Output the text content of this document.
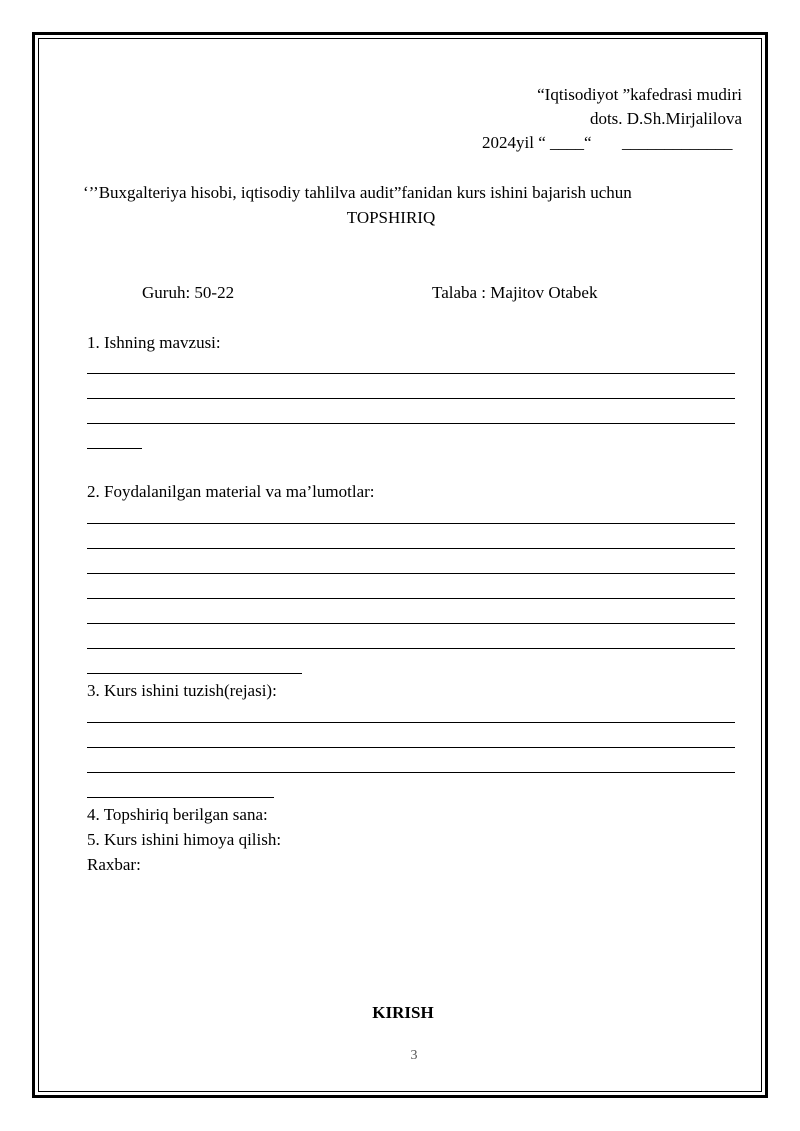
“Iqtisodiyot ”kafedrasi mudiri
dots. D.Sh.Mirjalilova
2024yil “ ____“ _____________
‘’’Buxgalteriya hisobi, iqtisodiy tahlilva audit”fanidan kurs ishini bajarish uchun
TOPSHIRIQ
Guruh: 50-22	Talaba : Majitov Otabek
1. Ishning mavzusi:
2. Foydalanilgan material va ma’lumotlar:
3. Kurs ishini tuzish(rejasi):
4. Topshiriq berilgan sana:
5. Kurs ishini himoya qilish:
Raxbar:
KIRISH
3
